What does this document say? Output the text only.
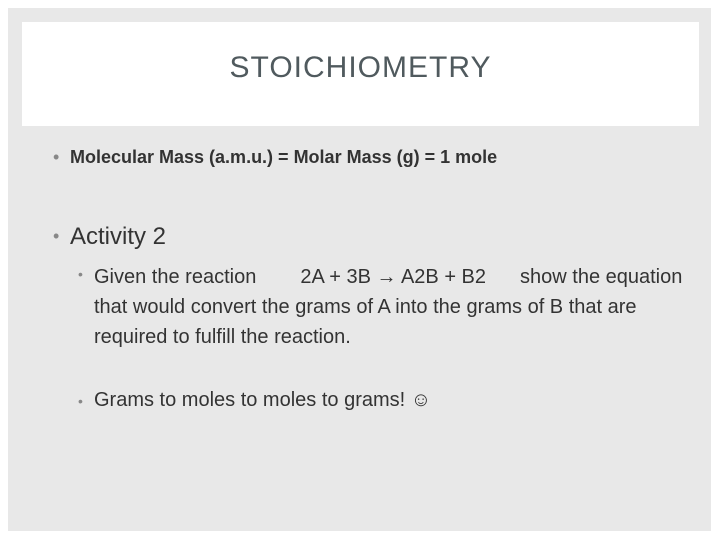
STOICHIOMETRY
• Molecular Mass (a.m.u.) = Molar Mass (g) = 1 mole
• Activity 2
• Given the reaction 2A + 3B → A2B + B2 show the equation that would convert the grams of A into the grams of B that are required to fulfill the reaction.
• Grams to moles to moles to grams! ☺
